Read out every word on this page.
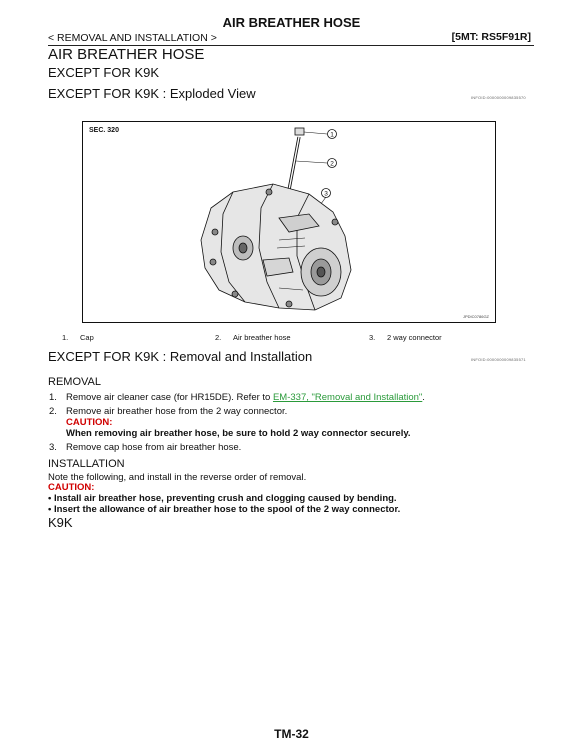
AIR BREATHER HOSE
< REMOVAL AND INSTALLATION >	[5MT: RS5F91R]
AIR BREATHER HOSE
EXCEPT FOR K9K
EXCEPT FOR K9K : Exploded View	INFOID:0000000009835570
SEC. 320
1
2
3
JPDIC0786GZ
1. Cap	2. Air breather hose	3. 2 way connector
EXCEPT FOR K9K : Removal and Installation	INFOID:0000000009835571
REMOVAL
1. Remove air cleaner case (for HR15DE). Refer to EM-337, "Removal and Installation".
2. Remove air breather hose from the 2 way connector.
CAUTION:
When removing air breather hose, be sure to hold 2 way connector securely.
3. Remove cap hose from air breather hose.
INSTALLATION
Note the following, and install in the reverse order of removal.
CAUTION:
• Install air breather hose, preventing crush and clogging caused by bending.
• Insert the allowance of air breather hose to the spool of the 2 way connector.
K9K
TM-32
